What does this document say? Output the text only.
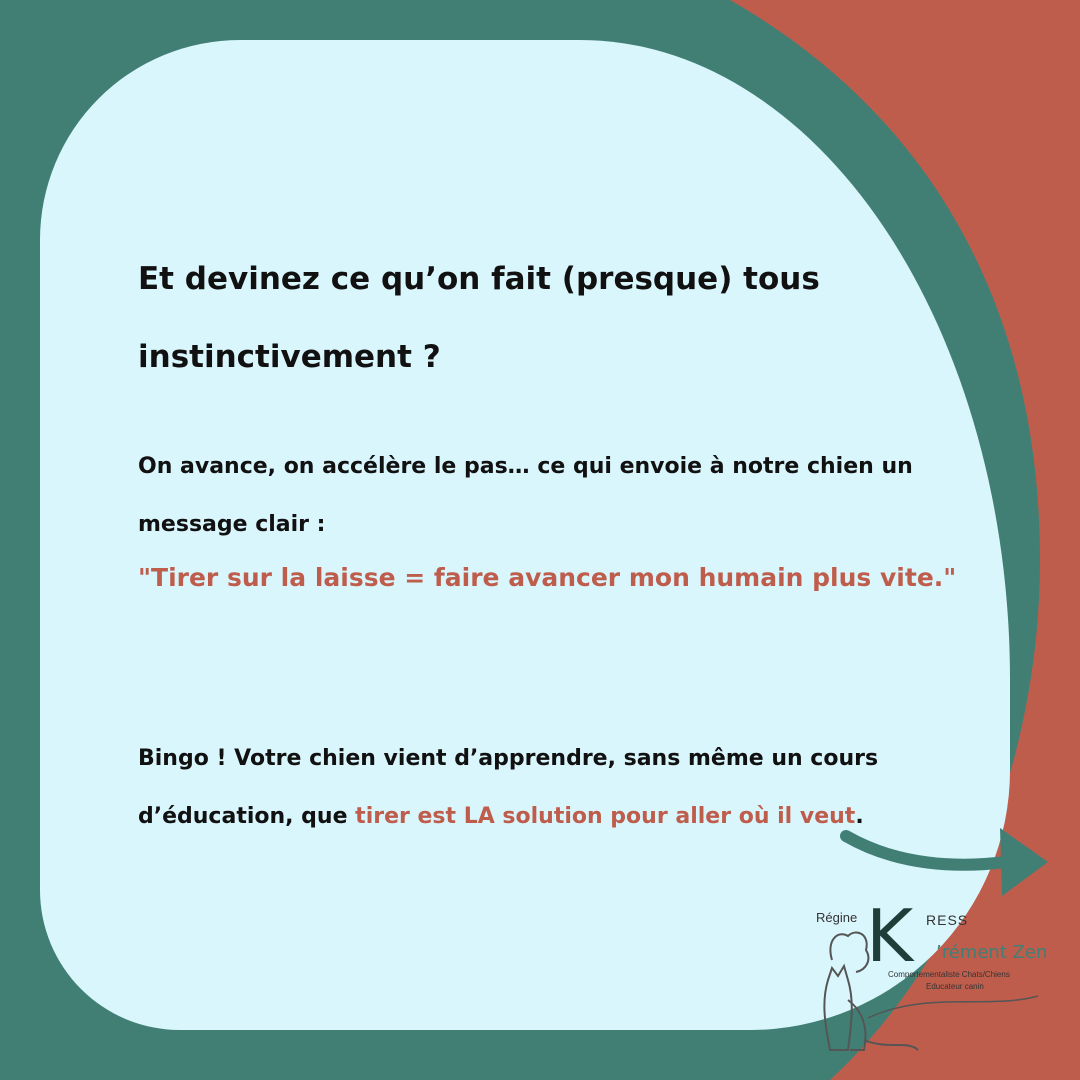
Et devinez ce qu’on fait (presque) tous instinctivement ?

On avance, on accélère le pas… ce qui envoie à notre chien un message clair :

"Tirer sur la laisse = faire avancer mon humain plus vite."

Bingo ! Votre chien vient d’apprendre, sans même un cours d’éducation, que tirer est LA solution pour aller où il veut.

Régine K RESS
’rément Zen
Comportementaliste Chats/Chiens
Educateur canin
